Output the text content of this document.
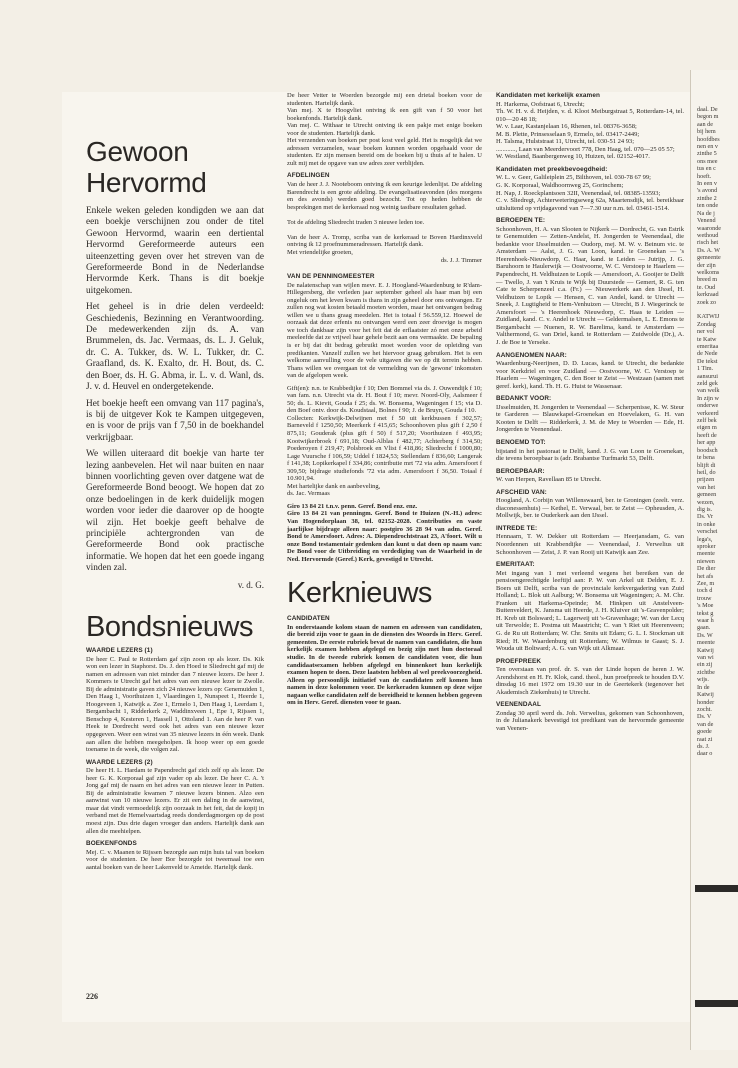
Gewoon Hervormd

Enkele weken geleden kondigden we aan dat een boekje verschijnen zou onder de titel Gewoon Hervormd, waarin een dertiental Hervormd Gereformeerde auteurs een uiteenzetting geven over het streven van de Gereformeerde Bond in de Nederlandse Hervormde Kerk. Thans is dit boekje uitgekomen.

Het geheel is in drie delen verdeeld: Geschiedenis, Bezinning en Verantwoording. De medewerkenden zijn ds. A. van Brummelen, ds. Jac. Vermaas, ds. L. J. Geluk, dr. C. A. Tukker, ds. W. L. Tukker, dr. C. Graafland, ds. K. Exalto, dr. H. Bout, ds. C. den Boer, ds. H. G. Abma, ir. L. v. d. Wanl, ds. J. v. d. Heuvel en ondergetekende.

Het boekje heeft een omvang van 117 pagina's, is bij de uitgever Kok te Kampen uitgegeven, en is voor de prijs van f 7,50 in de boekhandel verkrijgbaar.

We willen uiteraard dit boekje van harte ter lezing aanbevelen. Het wil naar buiten en naar binnen voorlichting geven over datgene wat de Gereformeerde Bond beoogt. We hopen dat zo onze bedoelingen in de kerk duidelijk mogen worden voor ieder die daarover op de hoogte wil zijn. Het boekje geeft behalve de principiële achtergronden van de Gereformeerde Bond ook practische informatie. We hopen dat het een goede ingang vinden zal.

v. d. G.
Bondsnieuws
WAARDE LEZERS (1)

De heer C. Paul te Rotterdam gaf zijn zoon op als lezer. Ds. Kik won een lezer in Staphorst. Ds. J. den Hoed te Sliedrecht gaf mij de namen en adressen van niet minder dan 7 nieuwe lezers. De heer J. Kommers te Utrecht gaf het adres van een nieuwe lezer te Zwolle. Bij de administratie gaven zich 24 nieuwe lezers op: Genemuiden 1, Den Haag 1, Voorthuizen 1, Vlaardingen 1, Nunspeet 1, Heerde 1, Hoogeveen 1, Katwijk a. Zee 1, Ermelo 1, Den Haag 1, Leerdam 1, Bergambacht 1, Ridderkerk 2, Waddinxveen 1, Epe 1, Rijssen 1, Benschop 4, Kesteren 1, Hassell 1, Ottoland 1. Aan de heer P. van Heek te Dordrecht werd ook het adres van een nieuwe lezer opgegeven. Weer een winst van 35 nieuwe lezers in één week. Dank aan allen die hebben meegeholpen. Ik hoop weer op een goede toename in de week, die volgen zal.

WAARDE LEZERS (2)

De heer H. L. Hardam te Papendrecht gaf zich zelf op als lezer. De heer G. K. Korporaal gaf zijn vader op als lezer. De heer C. A. 't Jong gaf mij de naam en het adres van een nieuwe lezer in Putten. Bij de administratie kwamen 7 nieuwe lezers binnen. Alzo een aanwinst van 10 nieuwe lezers. Er zit een daling in de aanwinst, maar dat vindt vermoedelijk zijn oorzaak in het feit, dat de kopij in verband met de Hemelvaartsdag reeds donderdagmorgen op de post moest zijn. Dus drie dagen vroeger dan anders. Hartelijk dank aan allen die meehielpen.

BOEKENFONDS

Mej. C. v. Maanen te Rijssen bezorgde aan mijn huis tal van boeken voor de studenten. De heer Bor bezorgde tot tweemaal toe een aantal boeken van de heer Lakenveld te Ameide. Hartelijk dank.

De heer Vetter te Woerden bezorgde mij een drietal boeken voor de studenten. Hartelijk dank.
Van mej. X te Hoogvliet ontving ik een gift van f 50 voor het boekenfonds. Hartelijk dank.
Van mej. C. Withaar te Utrecht ontving ik een pakje met enige boeken voor de studenten. Hartelijk dank.
Het verzenden van boeken per post kost veel geld. Het is mogelijk dat we adressen verzamelen, waar boeken kunnen worden opgehaald voor de studenten. Er zijn mensen bereid om de boeken bij u thuis af te halen. U zult mij met de opgave van uw adres zeer verblijden.

AFDELINGEN

Van de heer J. J. Nooteboom ontving ik een keurige ledenlijst. De afdeling Barendrecht is een grote afdeling. De evangelisatieavonden (des morgens en des avonds) werden goed bezocht. Tot op heden hebben de besprekingen met de kerkeraad nog weinig tastbare resultaten gehad.

Tot de afdeling Sliedrecht traden 3 nieuwe leden toe.

Van de heer A. Tromp, scriba van de kerkeraad te Boven Hardinxveld ontving ik 12 proefnummeradressen. Hartelijk dank.
Met vriendelijke groeten,

ds. J. J. Timmer

VAN DE PENNINGMEESTER

De nalatenschap van wijlen mevr. E. J. Hoogland-Waardenburg te R'dam-Hillegersberg, die verleden jaar september geheel als haar man bij een ongeluk om het leven kwam is thans in zijn geheel door ons ontvangen. Er zullen nog wat kosten betaald moeten worden, maar het ontvangen bedrag willen we u thans graag meedelen. Het is totaal f 56.559,12. Hoewel de oorzaak dat deze erfenis nu ontvangen werd een zeer droevige is mogen we toch dankbaar zijn voor het feit dat de erflaatster zó met onze arbeid meeleefde dat ze vrijwel haar gehele bezit aan ons vermaakte. De bepaling is er bij dat dit bedrag gebruikt moet worden voor de opleiding van predikanten. Vanzelf zullen we het hiervoor graag gebruiken. Het is een welkome aanvulling voor de vele uitgaven die we op dit terrein hebben. Thans willen we overgaan tot de vermelding van de 'gewone' inkomsten van de afgelopen week.

Gift(en): n.n. te Krabbedijke f 10; Den Bommel via ds. J. Ouwendijk f 10; van fam. n.n. Utrecht via dr. H. Bout f 10; mevr. Noord-Oly, Aalsmeer f 50; ds. L. Kievit, Gouda f 25; ds. W. Bonsema, Wageningen f 15; via D. den Boef ontv. door ds. Koudstaal, Bolnes f 90; J. de Bruyn, Gouda f 10.
Collecten: Kerkwijk-Delwijnen met f 50 uit kerkbussen f 302,57; Barneveld f 1250,50; Meerkerk f 415,65; Schoonhoven plus gift f 2,50 f 875,11; Gouderak (plus gift f 50) f 517,20; Voorthuizen f 493,95; Kootwijkerbroek f 691,18; Oud-Alblas f 482,77; Achterberg f 314,50; Poederoyen f 219,47; Polsbroek en Vlist f 418,86; Sliedrecht f 1000,80; Lage Vuursche f 106,59; Uddel f 1824,53; Stellendam f 836,60; Langerak f 141,38; Lopikerkapel f 334,86; contributie mrt '72 via adm. Amersfoort f 309,50; bijdrage studiefonds '72 via adm. Amersfoort f 36,50. Totaal f 10.901,94.
Met hartelijke dank en aanbeveling,
ds. Jac. Vermaas

Giro 13 84 21 t.n.v. penn. Geref. Bond enz. enz.
Giro 13 84 21 van penningm. Geref. Bond te Huizen (N.-H.) adres: Van Hogendorplaan 38, tel. 02152-2028. Contributies en vaste jaarlijkse bijdrage alleen naar: postgiro 36 28 94 van adm. Geref. Bond te Amersfoort. Adres: A. Diependrochtstraat 23, A'foort. Wilt u onze Bond testamentair gedenken dan kunt u dat doen op naam van: De Bond voor de Uitbreiding en verdediging van de Waarheid in de Ned. Hervormde (Geref.) Kerk, gevestigd te Utrecht.

Kerknieuws
CANDIDATEN

In onderstaande kolom staan de namen en adressen van candidaten, die bereid zijn voor te gaan in de diensten des Woords in Herv. Geref. gemeenten. De eerste rubriek bevat de namen van candidaten, die hun kerkelijk examen hebben afgelegd en bezig zijn met hun doctoraal studie. In de tweede rubriek komen de candidaten voor, die hun candidaatsexamen hebben afgelegd en binnenkort hun kerkelijk examen hopen te doen. Deze laatsten hebben al wel preekvoorzegheid. Alleen op persoonlijk initiatief van de candidaten zelf komen hun namen in deze kolommen voor. De kerkeraden kunnen op deze wijze nagaan welke candidaten zelf de bereidheid te kennen hebben gegeven om in Herv. Geref. diensten voor te gaan.

Kandidaten met kerkelijk examen

H. Harkema, Oofstraat 6, Utrecht;
Th. W. H. v. d. Heijden, v. d. Kloot Meiburgstraat 5, Rotterdam-14, tel. 010—20 48 18;
W. v. Laar, Kastanjelaan 16, Rhenen, tel. 08376-3658;
M. B. Plette, Prinsesselaan 9, Ermelo, tel. 03417-2449;
H. Talsma, Hulststraat 11, Utrecht, tel. 030-51 24 93;
............, Laan van Meerdervoort 778, Den Haag, tel. 070—25 05 57;
W. Westland, Baanbergenweg 10, Huizen, tel. 02152-4017.

Kandidaten met preekbevoegdheid:

W. L. v. Geer, Galileiplein 25, Bilthoven, tel. 030-78 67 99;
G. K. Korporaal, Waldhoornweg 25, Gorinchem;
H. Nap, J. Roeckplantsoen 32II, Veenendaal, tel. 08385-13593;
C. v. Sliedregt, Achterweteringseweg 62a, Maartensdijk, tel. bereikbaar uitsluitend op vrijdagavond van 7—7.30 uur n.m. tel. 03461-1514.

BEROEPEN TE:

Schoonhoven, H. A. van Slooten te Nijkerk — Dordrecht, G. van Estrik te Genemuiden — Zetten-Andelst, H. Jongerden te Veenendaal, die bedankte voor IJsselmuiden — Oudorp, mej. M. W. v. Beinum vic. te Amsterdam — Aalst, J. G. van Loon, kand. te Groenekan — 's Heerenhoek-Nieuwdorp, C. Haar, kand. te Leiden — Jutrijp, J. G. Baruhoorn te Haulerwijk — Oostvoorne, W. C. Verstoep te Haarlem — Papendrecht, H. Veldhuizen te Lopik — Amersfoort, A. Gooijer te Delft — Twello, J. van 't Kruis te Wijk bij Duurstede — Gemert, R. G. ten Cate te Scherpenzeel c.a. (Fr.) — Nieuwerkerk aan den IJssel, H. Veldhuizen te Lopik — Hensen, C. van Andel, kand. te Utrecht — Sneek, J. Lugtigheid te Hem-Venhuizen — Utrecht, B J. Wiegerinck te Amersfoort — 's Heerenhoek Nieuwdorp, C. Haas te Leiden — Zuidland, kand. C. v. Andel te Utrecht — Geldermalsen, L. E. Emons te Bergambacht — Nuenen, R. W. Barelima, kand. te Amsterdam — Valthermond, G. van Driel, kand. te Rotterdam — Zuidwolde (Dr.), A. J. de Boe te Yerseke.

AANGENOMEN NAAR:

Waardenburg-Neerijnen, D. D. Lucas, kand. te Utrecht, die bedankte voor Kerkdriel en voor Zuidland — Oostvoorne, W. C. Verstoep te Haarlem — Wageningen, C. den Boer te Zeist — Westzaan (samen met geref. kerk), kand. Th. H. G. Huist te Wassenaar.

BEDANKT VOOR:

IJsselmuiden, H. Jongerden te Veenendaal — Scherpenisse, K. W. Steur te Garderen — Blauwkapel-Groenekan en Hoevelaken, G. H. van Kooten te Delft — Ridderkerk, J. M. de Mey te Woerden — Ede, H. Jongerden te Veenendaal.

BENOEMD TOT:

bijstand in het pastoraat te Delft, kand. J. G. van Loon te Groenekan, die tevens beroepbaar is (adr. Brabantse Turfmarkt 53, Delft.

BEROEPBAAR:

W. van Herpen, Ravellaan 85 te Utrecht.

AFSCHEID VAN:

Hoogland, A. Corbijn van Willenswaard, ber. te Groningen (zeelt. verz. diaconessenhuis) — Kethel, E. Verwaal, ber. te Zeist — Opheusden, A. Mollwijk, ber. te Ouderkerk aan den IJssel.

INTREDE TE:

Hennaarn, T. W. Dekker uit Rotterdam — Heerjansdam, G. van Noordennen uit Krabbendijke — Veenendaal, J. Verwelius uit Schoonhoven — Zeist, J. P. van Rooij uit Katwijk aan Zee.

EMERITAAT:

Met ingang van 1 mei verleend wegens het bereiken van de pensioengerechtigde leeftijd aan: P. W. van Arkel uit Delden, E. J. Boers uit Delft, scriba van de provinciale kerkvergadering van Zuid Holland; L. Blok uit Aalburg; W. Bonsema uit Wageningen; A. M. Chr. Franken uit Harkema-Opeinde; M. Hinkpen uit Anstelveen-Buitenveldert, K. Jansma uit Heerde, J. H. Kluiver uit 's-Gravenpolder; H. Kreb uit Bolsward; L. Lagerweij uit 's-Gravenhage; W. van der Lecq uit Terwolde; E. Postma uit Maastricht; C. van 't Riet uit Heerenveen; G. de Ru uit Rotterdam; W. Chr. Smits uit Edam; G. L. I. Stockman uit Ried; H. W. Waardenburg uit Rotterdam; W. Wilmus te Gaast; S. J. Wouda uit Boltward; A. G. van Wijk uit Alkmaar.

PROEFPREEK

Ten overstaan van prof. dr. S. van der Linde hopen de heren J. W. Arendshorst en H. Fr. Klok, cand. theol., hun proefpreek te houden D.V. dinsdag 16 mei 1972 om 19.30 uur in de Geertekerk (tegenover het Akademisch Ziekenhuis) te Utrecht.

VEENENDAAL

Zondag 30 april werd ds. Joh. Verwelius, gekomen van Schoonhoven, in de Julianakerk bevestigd tot predikant van de hervormde gemeente van Veenen-

226
daal. De
begon m
aan de
bij hem
hoofdbes
nen en v
zinthe 5
ons mee
tus en c
hoeft.
In een v
's avond
zinthe 2
ten onde
Na de j
Venend
waaronde
wethoud
risch het
Ds. A. W
gemeente
der zijn
welkoms
breed m
te. Oud
kerkraad
zoek zo

KATWIJ
Zondag
ner vol
te Katw
emeritaa
de Nede
De tekst
1 Tim.
aansurui
zeld gek
van welk
In zijn w
onderwe
verkeerd
zelf bek
eigen m
heeft de
her app
boodsch
te bena
blijft di
heil, do
prijzen
van het
gemeen
wezen,
dig is.
Ds. Vr
in onke
verschei
lega's,
sproker
meente
niewen
De dier
het afs
Zee, m
toch d
trouw
's Moe
tekst g
waar h
gaan.
Ds. W
meente
Katwij
van wi
ein zij
zichtbe
wijs.
In de
Katwij
honder
zocht.
Ds. V
van de
goede
raat zi
ds. J.
daar o
